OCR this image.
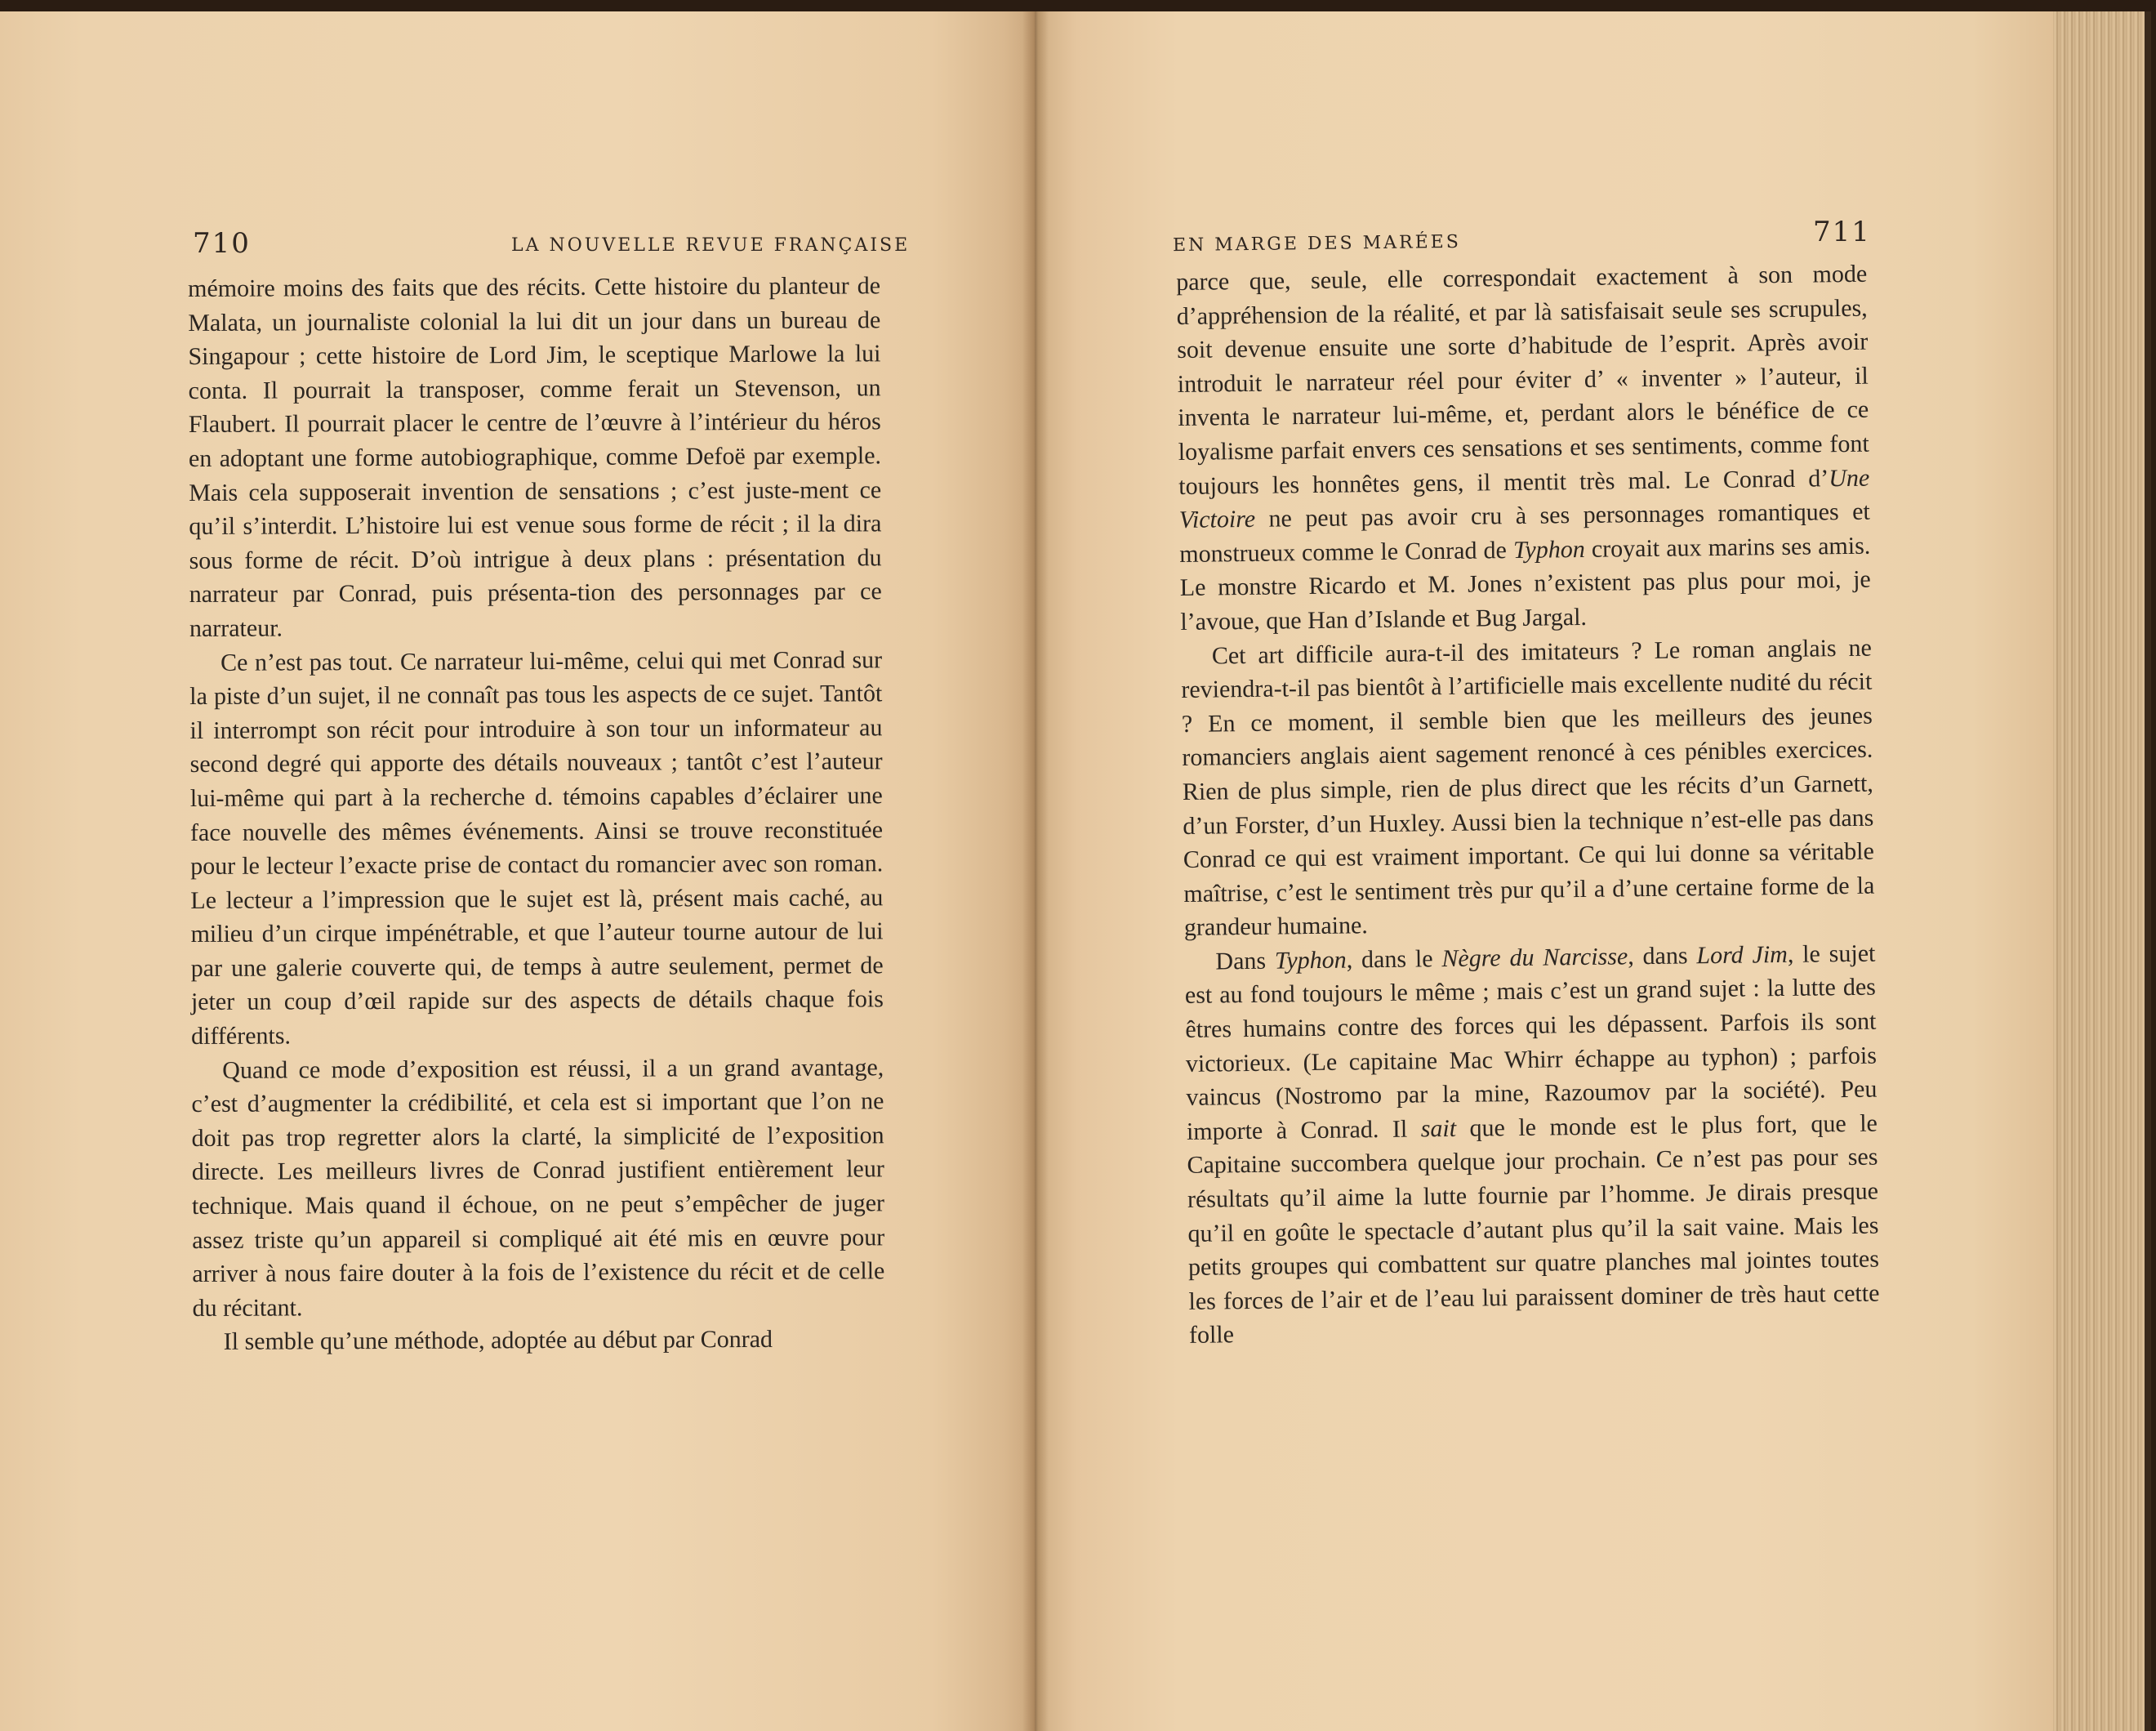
710	LA NOUVELLE REVUE FRANÇAISE	EN MARGE DES MARÉES	711

mémoire moins des faits que des récits. Cette histoire du planteur de Malata, un journaliste colonial la lui dit un jour dans un bureau de Singapour ; cette histoire de Lord Jim, le sceptique Marlowe la lui conta. Il pourrait la transposer, comme ferait un Stevenson, un Flaubert. Il pourrait placer le centre de l’œuvre à l’intérieur du héros en adoptant une forme autobiographique, comme Defoë par exemple. Mais cela supposerait invention de sensations ; c’est juste-ment ce qu’il s’interdit. L’histoire lui est venue sous forme de récit ; il la dira sous forme de récit. D’où intrigue à deux plans : présentation du narrateur par Conrad, puis présenta-tion des personnages par ce narrateur.

Ce n’est pas tout. Ce narrateur lui-même, celui qui met Conrad sur la piste d’un sujet, il ne connaît pas tous les aspects de ce sujet. Tantôt il interrompt son récit pour introduire à son tour un informateur au second degré qui apporte des détails nouveaux ; tantôt c’est l’auteur lui-même qui part à la recherche d. témoins capables d’éclairer une face nouvelle des mêmes événements. Ainsi se trouve reconstituée pour le lecteur l’exacte prise de contact du romancier avec son roman. Le lecteur a l’impression que le sujet est là, présent mais caché, au milieu d’un cirque impénétrable, et que l’auteur tourne autour de lui par une galerie couverte qui, de temps à autre seulement, permet de jeter un coup d’œil rapide sur des aspects de détails chaque fois différents.

Quand ce mode d’exposition est réussi, il a un grand avantage, c’est d’augmenter la crédibilité, et cela est si important que l’on ne doit pas trop regretter alors la clarté, la simplicité de l’exposition directe. Les meilleurs livres de Conrad justifient entièrement leur technique. Mais quand il échoue, on ne peut s’empêcher de juger assez triste qu’un appareil si compliqué ait été mis en œuvre pour arriver à nous faire douter à la fois de l’existence du récit et de celle du récitant.

Il semble qu’une méthode, adoptée au début par Conrad

parce que, seule, elle correspondait exactement à son mode d’appréhension de la réalité, et par là satisfaisait seule ses scrupules, soit devenue ensuite une sorte d’habitude de l’esprit. Après avoir introduit le narrateur réel pour éviter d’ « inventer » l’auteur, il inventa le narrateur lui-même, et, perdant alors le bénéfice de ce loyalisme parfait envers ces sensations et ses sentiments, comme font toujours les honnêtes gens, il mentit très mal. Le Conrad d’Une Victoire ne peut pas avoir cru à ses personnages romantiques et monstrueux comme le Conrad de Typhon croyait aux marins ses amis. Le monstre Ricardo et M. Jones n’existent pas plus pour moi, je l’avoue, que Han d’Islande et Bug Jargal.

Cet art difficile aura-t-il des imitateurs ? Le roman anglais ne reviendra-t-il pas bientôt à l’artificielle mais excellente nudité du récit ? En ce moment, il semble bien que les meilleurs des jeunes romanciers anglais aient sagement renoncé à ces pénibles exercices. Rien de plus simple, rien de plus direct que les récits d’un Garnett, d’un Forster, d’un Huxley. Aussi bien la technique n’est-elle pas dans Conrad ce qui est vraiment important. Ce qui lui donne sa véritable maîtrise, c’est le sentiment très pur qu’il a d’une certaine forme de la grandeur humaine.

Dans Typhon, dans le Nègre du Narcisse, dans Lord Jim, le sujet est au fond toujours le même ; mais c’est un grand sujet : la lutte des êtres humains contre des forces qui les dépassent. Parfois ils sont victorieux. (Le capitaine Mac Whirr échappe au typhon) ; parfois vaincus (Nostromo par la mine, Razoumov par la société). Peu importe à Conrad. Il sait que le monde est le plus fort, que le Capitaine succombera quelque jour prochain. Ce n’est pas pour ses résultats qu’il aime la lutte fournie par l’homme. Je dirais presque qu’il en goûte le spectacle d’autant plus qu’il la sait vaine. Mais les petits groupes qui combattent sur quatre planches mal jointes toutes les forces de l’air et de l’eau lui paraissent dominer de très haut cette folle
